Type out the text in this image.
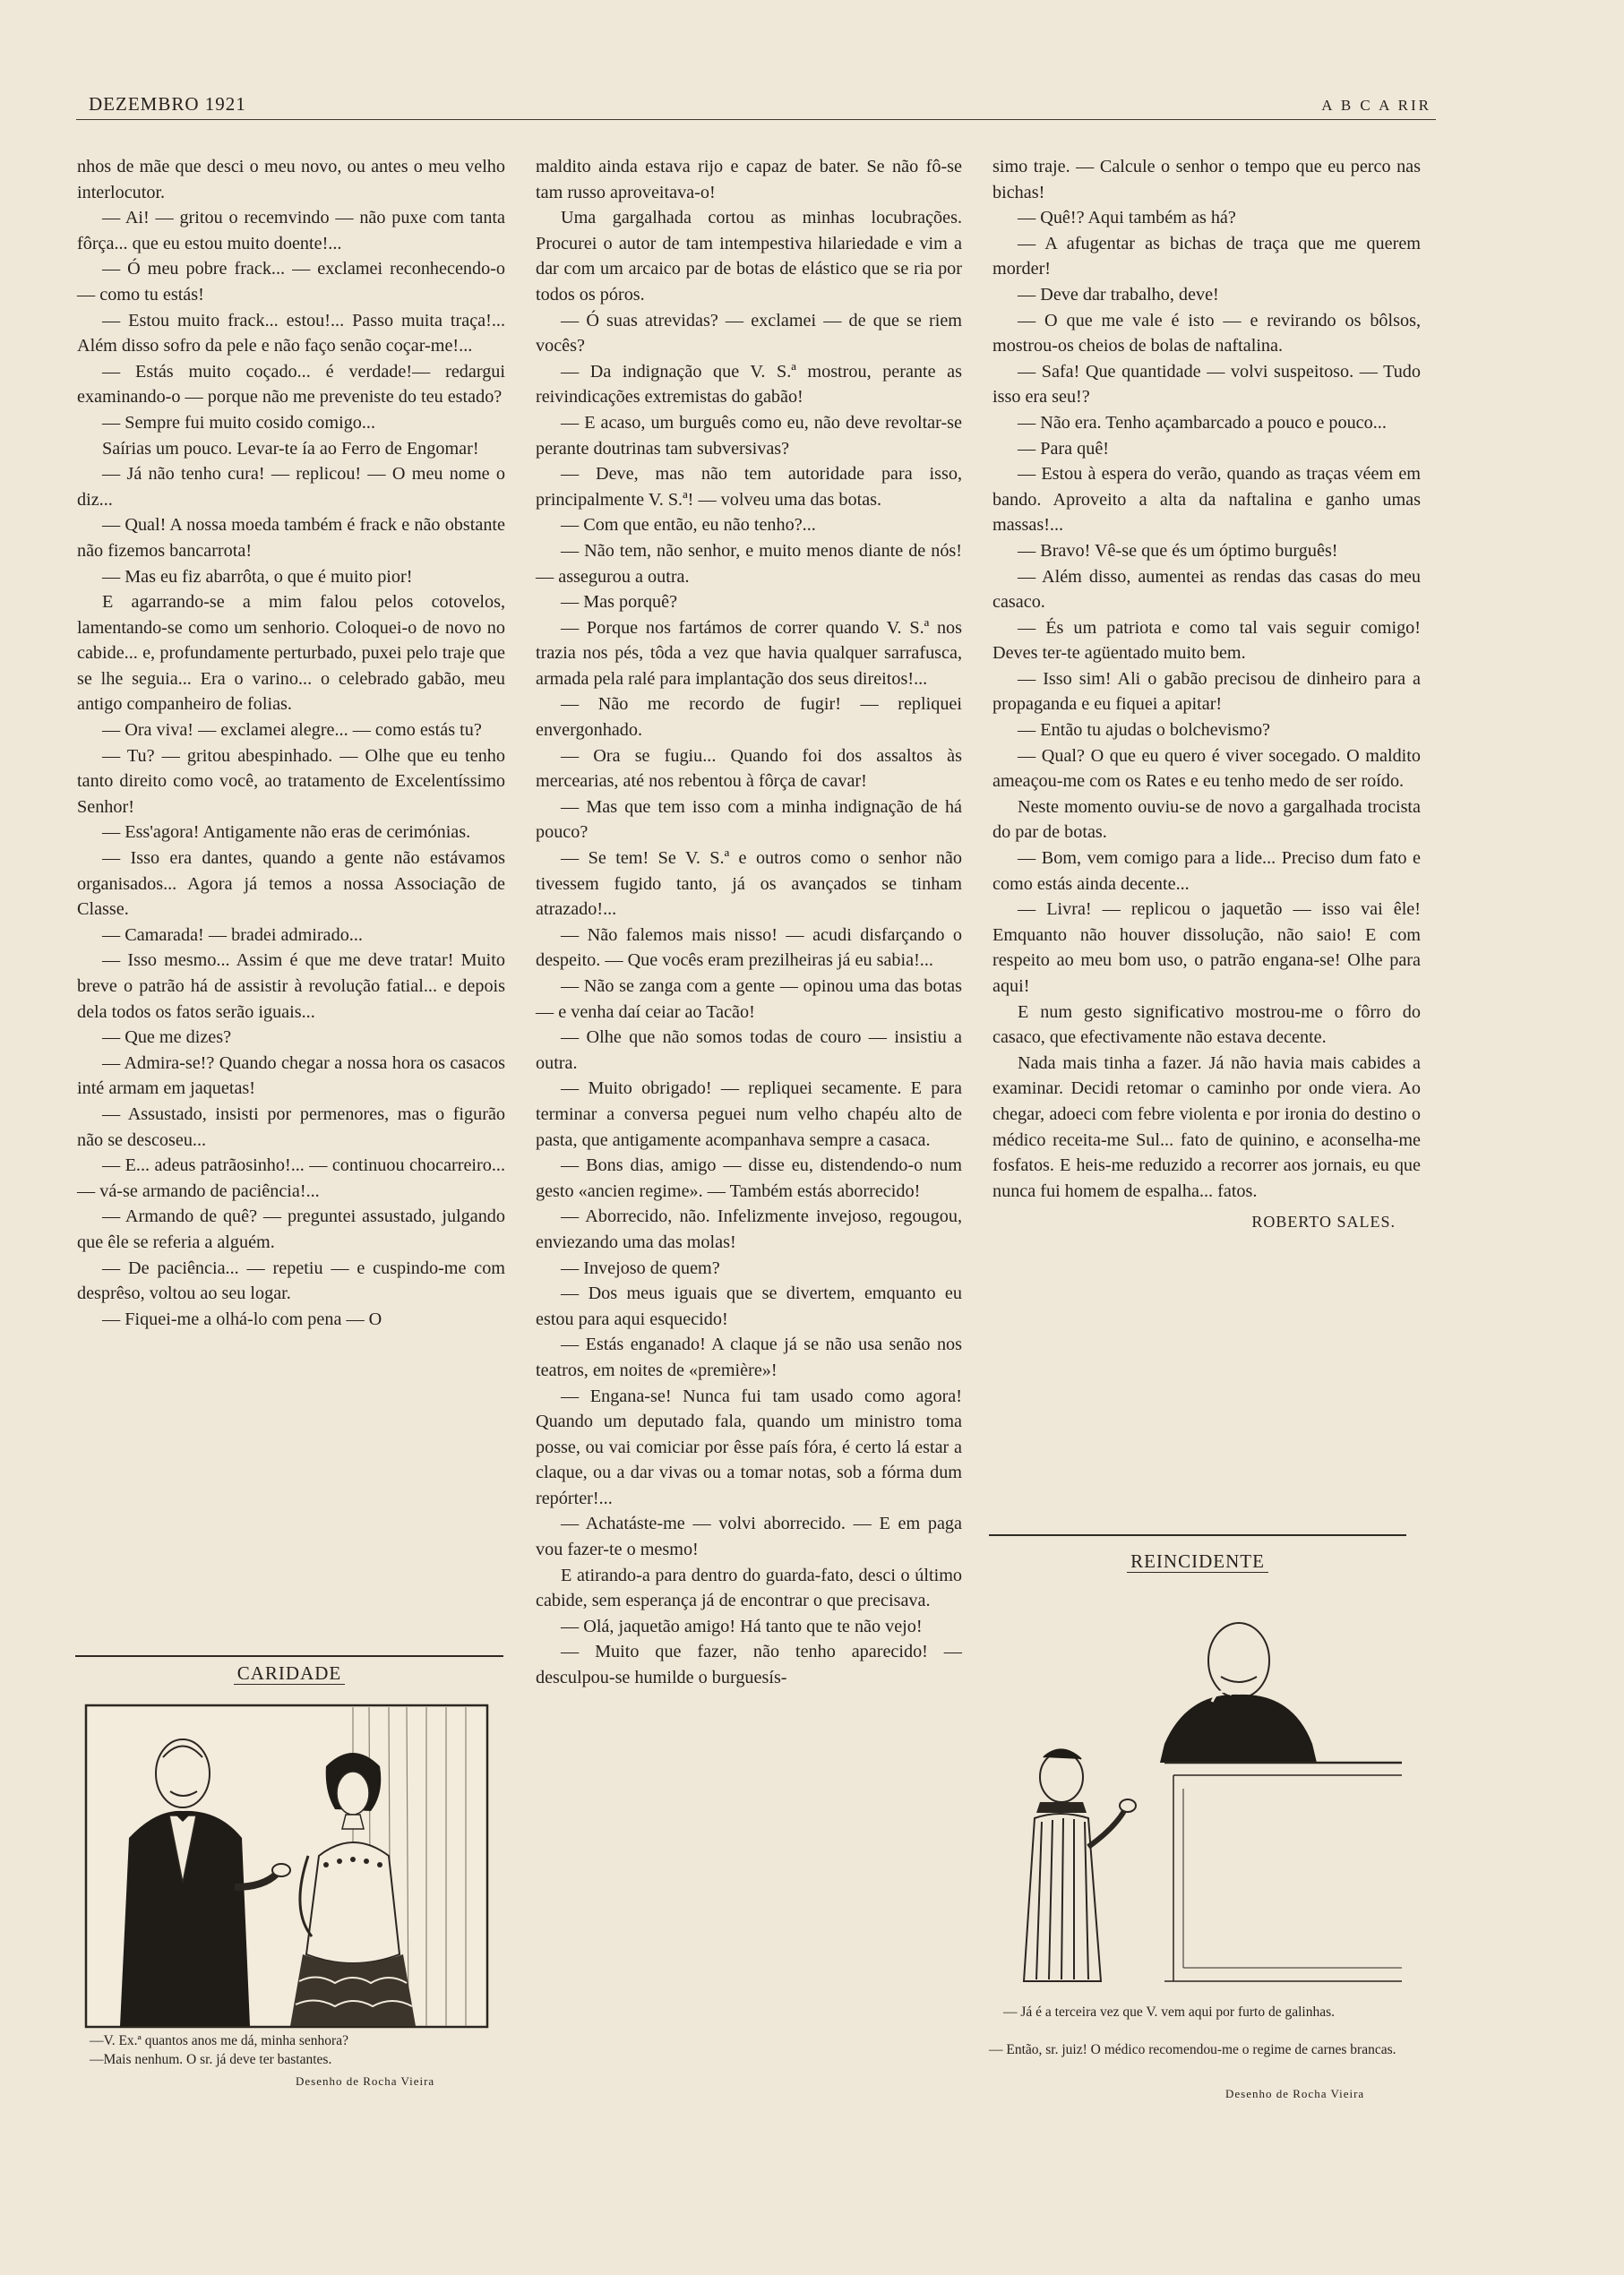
DEZEMBRO 1921	A B C A RIR

nhos de mãe que desci o meu novo, ou antes o meu velho interlocutor.

— Ai! — gritou o recemvindo — não puxe com tanta fôrça... que eu estou muito doente!...

— Ó meu pobre frack... — exclamei reconhecendo-o — como tu estás!

— Estou muito frack... estou!... Passo muita traça!... Além disso sofro da pele e não faço senão coçar-me!...

— Estás muito coçado... é verdade!— redargui examinando-o — porque não me preveniste do teu estado?

— Sempre fui muito cosido comigo...

Saírias um pouco. Levar-te ía ao Ferro de Engomar!

— Já não tenho cura! — replicou! — O meu nome o diz...

— Qual! A nossa moeda também é frack e não obstante não fizemos bancarrota!

— Mas eu fiz abarrôta, o que é muito pior!

E agarrando-se a mim falou pelos cotovelos, lamentando-se como um senhorio. Coloquei-o de novo no cabide... e, profundamente perturbado, puxei pelo traje que se lhe seguia... Era o varino... o celebrado gabão, meu antigo companheiro de folias.

— Ora viva! — exclamei alegre... — como estás tu?

— Tu? — gritou abespinhado. — Olhe que eu tenho tanto direito como você, ao tratamento de Excelentíssimo Senhor!

— Ess'agora! Antigamente não eras de cerimónias.

— Isso era dantes, quando a gente não estávamos organisados... Agora já temos a nossa Associação de Classe.

— Camarada! — bradei admirado...

— Isso mesmo... Assim é que me deve tratar! Muito breve o patrão há de assistir à revolução fatial... e depois dela todos os fatos serão iguais...

— Que me dizes?

— Admira-se!? Quando chegar a nossa hora os casacos inté armam em jaquetas!

— Assustado, insisti por permenores, mas o figurão não se descoseu...

— E... adeus patrãosinho!... — continuou chocarreiro... — vá-se armando de paciência!...

— Armando de quê? — preguntei assustado, julgando que êle se referia a alguém.

— De paciência... — repetiu — e cuspindo-me com desprêso, voltou ao seu logar.

— Fiquei-me a olhá-lo com pena — O

maldito ainda estava rijo e capaz de bater. Se não fô-se tam russo aproveitava-o!

Uma gargalhada cortou as minhas locubrações. Procurei o autor de tam intempestiva hilariedade e vim a dar com um arcaico par de botas de elástico que se ria por todos os póros.

— Ó suas atrevidas? — exclamei — de que se riem vocês?

— Da indignação que V. S.ª mostrou, perante as reivindicações extremistas do gabão!

— E acaso, um burguês como eu, não deve revoltar-se perante doutrinas tam subversivas?

— Deve, mas não tem autoridade para isso, principalmente V. S.ª! — volveu uma das botas.

— Com que então, eu não tenho?...

— Não tem, não senhor, e muito menos diante de nós! — assegurou a outra.

— Mas porquê?

— Porque nos fartámos de correr quando V. S.ª nos trazia nos pés, tôda a vez que havia qualquer sarrafusca, armada pela ralé para implantação dos seus direitos!...

— Não me recordo de fugir! — repliquei envergonhado.

— Ora se fugiu... Quando foi dos assaltos às mercearias, até nos rebentou à fôrça de cavar!

— Mas que tem isso com a minha indignação de há pouco?

— Se tem! Se V. S.ª e outros como o senhor não tivessem fugido tanto, já os avançados se tinham atrazado!...

— Não falemos mais nisso! — acudi disfarçando o despeito. — Que vocês eram prezilheiras já eu sabia!...

— Não se zanga com a gente — opinou uma das botas — e venha daí ceiar ao Tacão!

— Olhe que não somos todas de couro — insistiu a outra.

— Muito obrigado! — repliquei secamente. E para terminar a conversa peguei num velho chapéu alto de pasta, que antigamente acompanhava sempre a casaca.

— Bons dias, amigo — disse eu, distendendo-o num gesto «ancien regime». — Também estás aborrecido!

— Aborrecido, não. Infelizmente invejoso, regougou, enviezando uma das molas!

— Invejoso de quem?

— Dos meus iguais que se divertem, emquanto eu estou para aqui esquecido!

— Estás enganado! A claque já se não usa senão nos teatros, em noites de «première»!

— Engana-se! Nunca fui tam usado como agora! Quando um deputado fala, quando um ministro toma posse, ou vai comiciar por êsse país fóra, é certo lá estar a claque, ou a dar vivas ou a tomar notas, sob a fórma dum repórter!...

— Achatáste-me — volvi aborrecido. — E em paga vou fazer-te o mesmo!

E atirando-a para dentro do guarda-fato, desci o último cabide, sem esperança já de encontrar o que precisava.

— Olá, jaquetão amigo! Há tanto que te não vejo!

— Muito que fazer, não tenho aparecido! — desculpou-se humilde o burguesís-

simo traje. — Calcule o senhor o tempo que eu perco nas bichas!

— Quê!? Aqui também as há?

— A afugentar as bichas de traça que me querem morder!

— Deve dar trabalho, deve!

— O que me vale é isto — e revirando os bôlsos, mostrou-os cheios de bolas de naftalina.

— Safa! Que quantidade — volvi suspeitoso. — Tudo isso era seu!?

— Não era. Tenho açambarcado a pouco e pouco...

— Para quê!

— Estou à espera do verão, quando as traças véem em bando. Aproveito a alta da naftalina e ganho umas massas!...

— Bravo! Vê-se que és um óptimo burguês!

— Além disso, aumentei as rendas das casas do meu casaco.

— És um patriota e como tal vais seguir comigo! Deves ter-te agüentado muito bem.

— Isso sim! Ali o gabão precisou de dinheiro para a propaganda e eu fiquei a apitar!

— Então tu ajudas o bolchevismo?

— Qual? O que eu quero é viver socegado. O maldito ameaçou-me com os Rates e eu tenho medo de ser roído.

Neste momento ouviu-se de novo a gargalhada trocista do par de botas.

— Bom, vem comigo para a lide... Preciso dum fato e como estás ainda decente...

— Livra! — replicou o jaquetão — isso vai êle! Emquanto não houver dissolução, não saio! E com respeito ao meu bom uso, o patrão engana-se! Olhe para aqui!

E num gesto significativo mostrou-me o fôrro do casaco, que efectivamente não estava decente.

Nada mais tinha a fazer. Já não havia mais cabides a examinar. Decidi retomar o caminho por onde viera. Ao chegar, adoeci com febre violenta e por ironia do destino o médico receita-me Sul... fato de quinino, e aconselha-me fosfatos. E heis-me reduzido a recorrer aos jornais, eu que nunca fui homem de espalha... fatos.

ROBERTO SALES.
CARIDADE
—V. Ex.ª quantos anos me dá, minha senhora?
—Mais nenhum. O sr. já deve ter bastantes.
Desenho de Rocha Vieira
REINCIDENTE
— Já é a terceira vez que V. vem aqui por furto de galinhas.
— Então, sr. juiz! O médico recomendou-me o regime de carnes brancas.
Desenho de Rocha Vieira
